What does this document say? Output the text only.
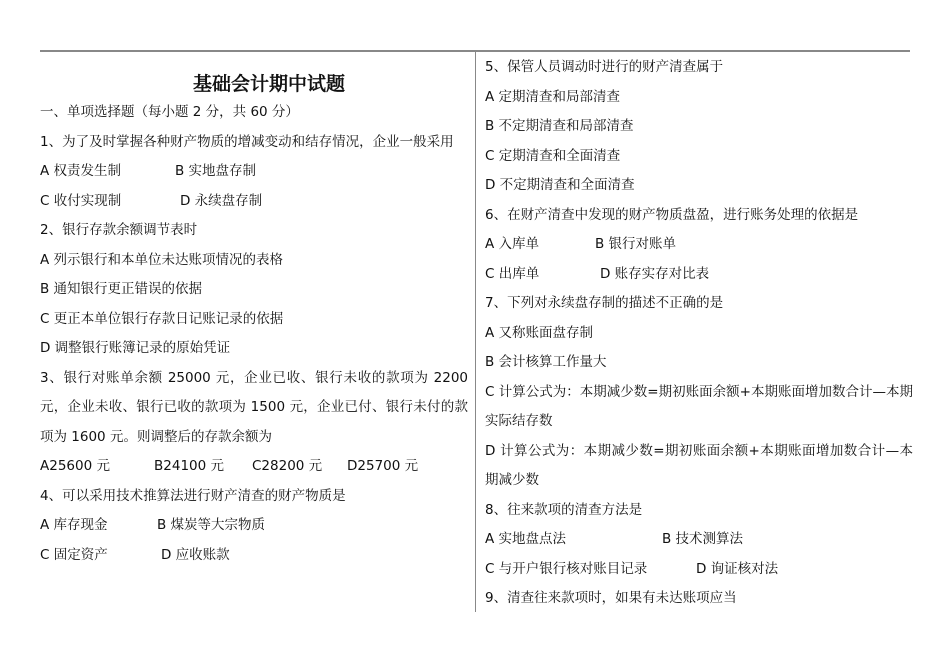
基础会计期中试题
一、单项选择题（每小题 2 分，共 60 分）
1、为了及时掌握各种财产物质的增减变动和结存情况，企业一般采用
A 权责发生制	B 实地盘存制
C 收付实现制	D 永续盘存制
2、银行存款余额调节表时
A 列示银行和本单位未达账项情况的表格
B 通知银行更正错误的依据
C 更正本单位银行存款日记账记录的依据
D 调整银行账簿记录的原始凭证
3、银行对账单余额 25000 元，企业已收、银行未收的款项为 2200 元，企业未收、银行已收的款项为 1500 元，企业已付、银行未付的款项为 1600 元。则调整后的存款余额为
A25600 元	B24100 元 C28200 元 D25700 元
4、可以采用技术推算法进行财产清查的财产物质是
A 库存现金	B 煤炭等大宗物质
C 固定资产	D 应收账款
5、保管人员调动时进行的财产清查属于
A 定期清查和局部清查
B 不定期清查和局部清查
C 定期清查和全面清查
D 不定期清查和全面清查
6、在财产清查中发现的财产物质盘盈，进行账务处理的依据是
A 入库单	B 银行对账单
C 出库单	D 账存实存对比表
7、下列对永续盘存制的描述不正确的是
A 又称账面盘存制
B 会计核算工作量大
C 计算公式为：本期减少数=期初账面余额+本期账面增加数合计—本期实际结存数
D 计算公式为：本期减少数=期初账面余额+本期账面增加数合计—本期减少数
8、往来款项的清查方法是
A 实地盘点法	B 技术测算法
C 与开户银行核对账目记录	D 询证核对法
9、清查往来款项时，如果有未达账项应当
